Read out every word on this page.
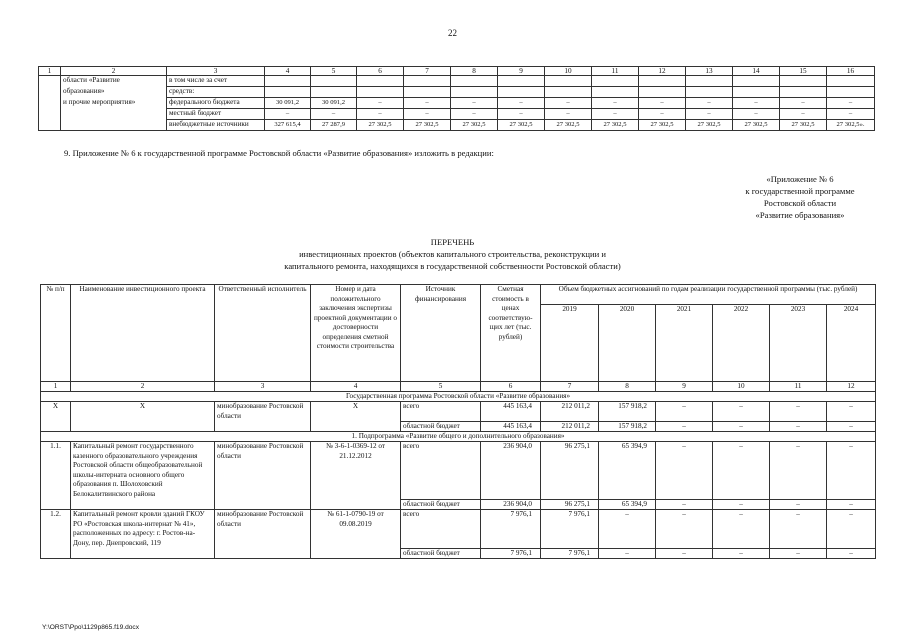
22
1	2	3	4	5	6	7	8	9	10	11	12	13	14	15	16
	области «Развитие	в том числе за счет													
	образования»	средств:													
	и прочие мероприятия»	федерального бюджета	30 091,2	30 091,2	–	–	–	–	–	–	–	–	–	–	–
		местный бюджет	–	–	–	–	–	–	–	–	–	–	–	–	–
		внебюджетные источники	327 615,4	27 287,9	27 302,5	27 302,5	27 302,5	27 302,5	27 302,5	27 302,5	27 302,5	27 302,5	27 302,5	27 302,5	27 302,5».
9. Приложение № 6 к государственной программе Ростовской области «Развитие образования» изложить в редакции:
«Приложение № 6
к государственной программе
Ростовской области
«Развитие образования»
ПЕРЕЧЕНЬ
инвестиционных проектов (объектов капитального строительства, реконструкции и
капитального ремонта, находящихся в государственной собственности Ростовской области)
№ п/п	Наименование инвестиционного проекта	Ответственный исполнитель	Номер и дата положительного заключения экспертизы проектной документации о достоверности определения сметной стоимости строительства	Источник финансирования	Сметная стоимость в ценах соответствую-щих лет (тыс. рублей)	Объем бюджетных ассигнований по годам реализации государственной программы (тыс. рублей)					
						2019	2020	2021	2022	2023	2024
1	2	3	4	5	6	7	8	9	10	11	12
Государственная программа Ростовской области «Развитие образования»											
Х	Х	минобразование Ростовской области	Х	всего	445 163,4	212 011,2	157 918,2	–	–	–	–
				областной бюджет	445 163,4	212 011,2	157 918,2	–	–	–	–
1. Подпрограмма «Развитие общего и дополнительного образования»											
1.1.	Капитальный ремонт государственного казенного образовательного учреждения Ростовской области общеобразовательной школы-интерната основного общего образования п. Шолоховский Белокалитвинского района	минобразование Ростовской области	№ 3-6-1-0369-12 от 21.12.2012	всего	236 904,0	96 275,1	65 394,9	–	–	–	–
				областной бюджет	236 904,0	96 275,1	65 394,9	–	–	–	–
1.2.	Капитальный ремонт кровли зданий ГКОУ РО «Ростовская школа-интернат № 41», расположенных по адресу: г. Ростов-на-Дону, пер. Днепровский, 119	минобразование Ростовской области	№ 61-1-0790-19 от 09.08.2019	всего	7 976,1	7 976,1	–	–	–	–	–
				областной бюджет	7 976,1	7 976,1	–	–	–	–	–
Y:\ORST\Ppo\1129p865.f19.docx
